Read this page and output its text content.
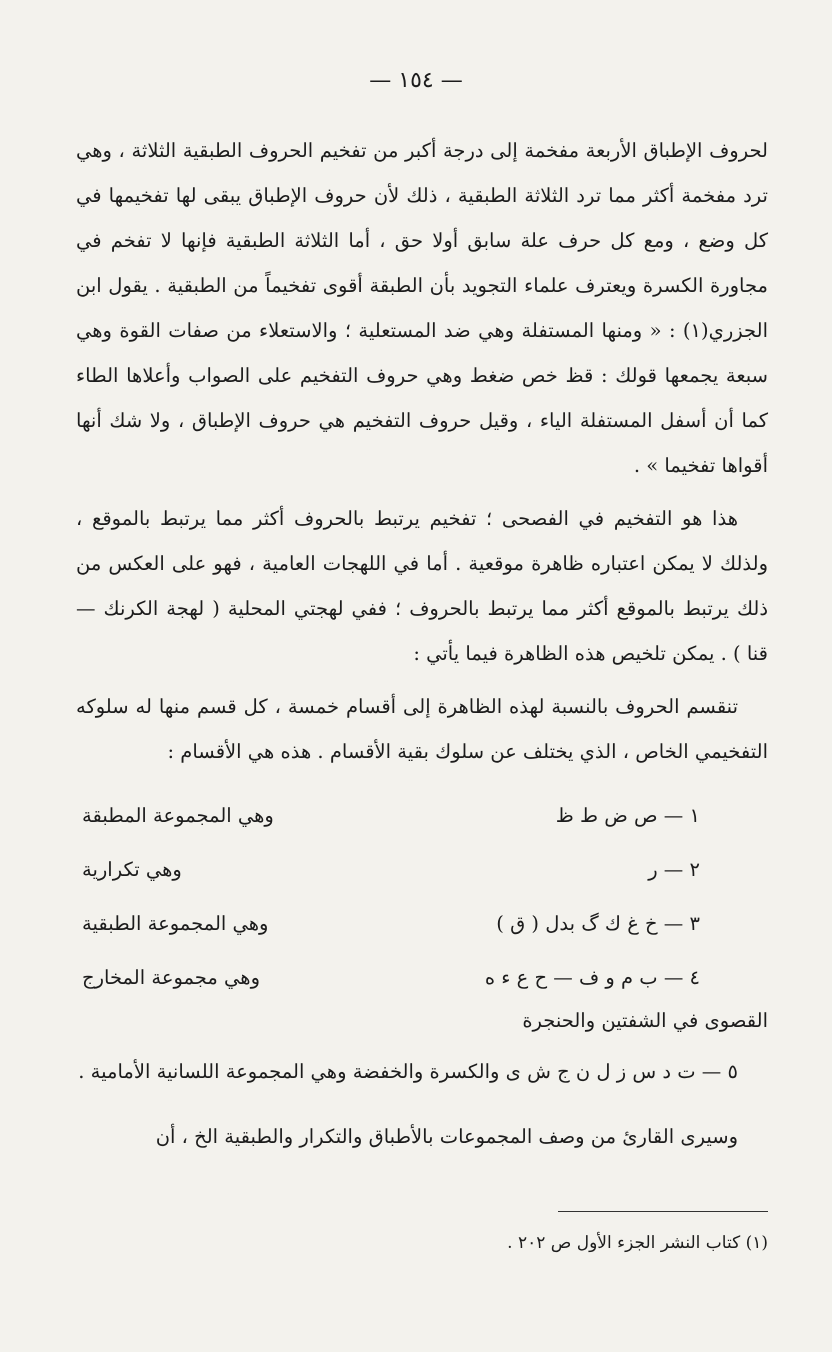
— ١٥٤ —

لحروف الإطباق الأربعة مفخمة إلى درجة أكبر من تفخيم الحروف الطبقية الثلاثة ، وهي ترد مفخمة أكثر مما ترد الثلاثة الطبقية ، ذلك لأن حروف الإطباق يبقى لها تفخيمها في كل وضع ، ومع كل حرف علة سابق أولا حق ، أما الثلاثة الطبقية فإنها لا تفخم في مجاورة الكسرة ويعترف علماء التجويد بأن الطبقة أقوى تفخيماً من الطبقية . يقول ابن الجزري(١) : « ومنها المستفلة وهي ضد المستعلية ؛ والاستعلاء من صفات القوة وهي سبعة يجمعها قولك : قظ خص ضغط وهي حروف التفخيم على الصواب وأعلاها الطاء كما أن أسفل المستفلة الياء ، وقيل حروف التفخيم هي حروف الإطباق ، ولا شك أنها أقواها تفخيما » .

هذا هو التفخيم في الفصحى ؛ تفخيم يرتبط بالحروف أكثر مما يرتبط بالموقع ، ولذلك لا يمكن اعتباره ظاهرة موقعية . أما في اللهجات العامية ، فهو على العكس من ذلك يرتبط بالموقع أكثر مما يرتبط بالحروف ؛ ففي لهجتي المحلية ( لهجة الكرنك — قنا ) . يمكن تلخيص هذه الظاهرة فيما يأتي :

تنقسم الحروف بالنسبة لهذه الظاهرة إلى أقسام خمسة ، كل قسم منها له سلوكه التفخيمي الخاص ، الذي يختلف عن سلوك بقية الأقسام . هذه هي الأقسام :

١ — ص ض ط ظ
وهي المجموعة المطبقة
٢ — ر
وهي تكرارية
٣ — خ غ ك گ بدل ( ق )
وهي المجموعة الطبقية
٤ — ب م و ف — ح ع ء ه
وهي مجموعة المخارج
القصوى في الشفتين والحنجرة

٥ — ت د س ز ل ن ج ش ى والكسرة والخفضة وهي المجموعة اللسانية الأمامية .

وسيرى القارئ من وصف المجموعات بالأطباق والتكرار والطبقية الخ ، أن

(١) كتاب النشر الجزء الأول ص ٢٠٢ .
